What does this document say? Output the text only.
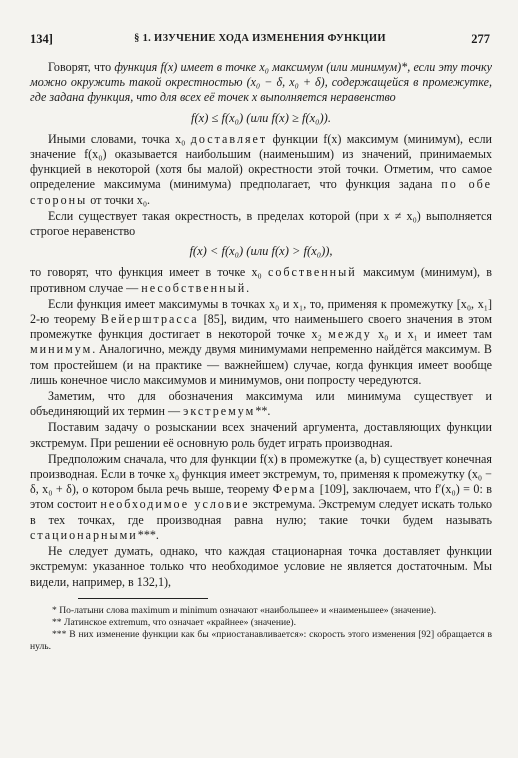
134]	§ 1. ИЗУЧЕНИЕ ХОДА ИЗМЕНЕНИЯ ФУНКЦИИ	277

Говорят, что функция f(x) имеет в точке x₀ максимум (или минимум)*, если эту точку можно окружить такой окрестностью (x₀ − δ, x₀ + δ), содержащейся в промежутке, где задана функция, что для всех её точек x выполняется неравенство

f(x) ≤ f(x₀) (или f(x) ≥ f(x₀)).

Иными словами, точка x₀ доставляет функции f(x) максимум (минимум), если значение f(x₀) оказывается наибольшим (наименьшим) из значений, принимаемых функцией в некоторой (хотя бы малой) окрестности этой точки. Отметим, что самое определение максимума (минимума) предполагает, что функция задана по обе стороны от точки x₀.

Если существует такая окрестность, в пределах которой (при x ≠ x₀) выполняется строгое неравенство

f(x) < f(x₀) (или f(x) > f(x₀)),

то говорят, что функция имеет в точке x₀ собственный максимум (минимум), в противном случае — несобственный.

Если функция имеет максимумы в точках x₀ и x₁, то, применяя к промежутку [x₀, x₁] 2-ю теорему Вейерштрасса [85], видим, что наименьшего своего значения в этом промежутке функция достигает в некоторой точке x₂ между x₀ и x₁ и имеет там минимум. Аналогично, между двумя минимумами непременно найдётся максимум. В том простейшем (и на практике — важнейшем) случае, когда функция имеет вообще лишь конечное число максимумов и минимумов, они попросту чередуются.

Заметим, что для обозначения максимума или минимума существует и объединяющий их термин — экстремум**.

Поставим задачу о розыскании всех значений аргумента, доставляющих функции экстремум. При решении её основную роль будет играть производная.

Предположим сначала, что для функции f(x) в промежутке (a, b) существует конечная производная. Если в точке x₀ функция имеет экстремум, то, применяя к промежутку (x₀ − δ, x₀ + δ), о котором была речь выше, теорему Ферма [109], заключаем, что f′(x₀) = 0: в этом состоит необходимое условие экстремума. Экстремум следует искать только в тех точках, где производная равна нулю; такие точки будем называть стационарными***.

Не следует думать, однако, что каждая стационарная точка доставляет функции экстремум: указанное только что необходимое условие не является достаточным. Мы видели, например, в 132,1),

* По-латыни слова maximum и minimum означают «наибольшее» и «наименьшее» (значение).

** Латинское extremum, что означает «крайнее» (значение).

*** В них изменение функции как бы «приостанавливается»: скорость этого изменения [92] обращается в нуль.
